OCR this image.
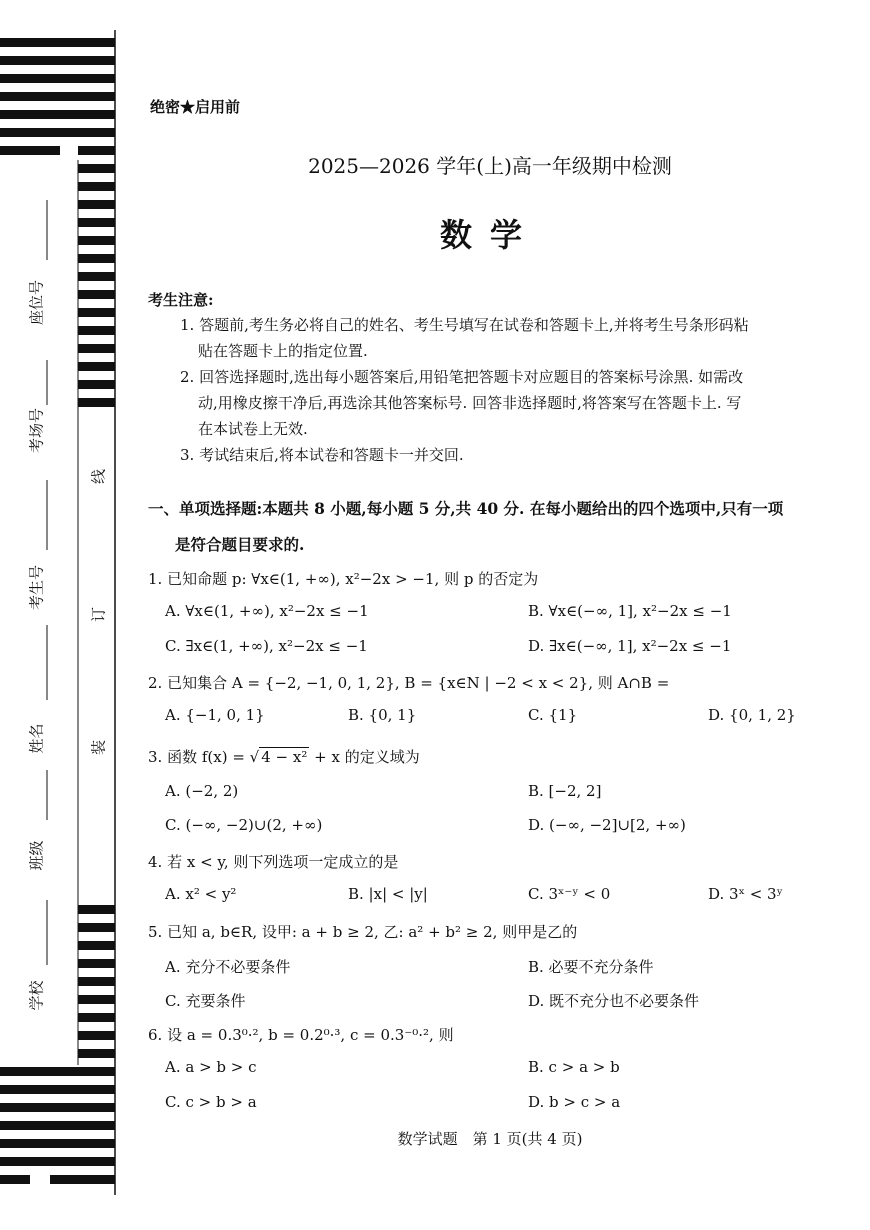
座位号
考场号
考生号
姓名
班级
学校
线
订
装
绝密★启用前
2025—2026 学年(上)高一年级期中检测
数学
考生注意:
1. 答题前,考生务必将自己的姓名、考生号填写在试卷和答题卡上,并将考生号条形码粘
贴在答题卡上的指定位置.
2. 回答选择题时,选出每小题答案后,用铅笔把答题卡对应题目的答案标号涂黑. 如需改
动,用橡皮擦干净后,再选涂其他答案标号. 回答非选择题时,将答案写在答题卡上. 写
在本试卷上无效.
3. 考试结束后,将本试卷和答题卡一并交回.
一、单项选择题:本题共 8 小题,每小题 5 分,共 40 分. 在每小题给出的四个选项中,只有一项
是符合题目要求的.
1. 已知命题 p: ∀x∈(1, +∞), x²−2x > −1, 则 p 的否定为
A. ∀x∈(1, +∞), x²−2x ≤ −1	B. ∀x∈(−∞, 1], x²−2x ≤ −1
C. ∃x∈(1, +∞), x²−2x ≤ −1	D. ∃x∈(−∞, 1], x²−2x ≤ −1
2. 已知集合 A = {−2, −1, 0, 1, 2}, B = {x∈N | −2 < x < 2}, 则 A∩B =
A. {−1, 0, 1}	B. {0, 1}	C. {1}	D. {0, 1, 2}
3. 函数 f(x) = √ 4 − x² + x 的定义域为
A. (−2, 2)	B. [−2, 2]
C. (−∞, −2)∪(2, +∞)	D. (−∞, −2]∪[2, +∞)
4. 若 x < y, 则下列选项一定成立的是
A. x² < y²	B. |x| < |y|	C. 3ˣ⁻ʸ < 0	D. 3ˣ < 3ʸ
5. 已知 a, b∈R, 设甲: a + b ≥ 2, 乙: a² + b² ≥ 2, 则甲是乙的
A. 充分不必要条件	B. 必要不充分条件
C. 充要条件	D. 既不充分也不必要条件
6. 设 a = 0.3⁰·², b = 0.2⁰·³, c = 0.3⁻⁰·², 则
A. a > b > c	B. c > a > b
C. c > b > a	D. b > c > a
数学试题　第 1 页(共 4 页)
